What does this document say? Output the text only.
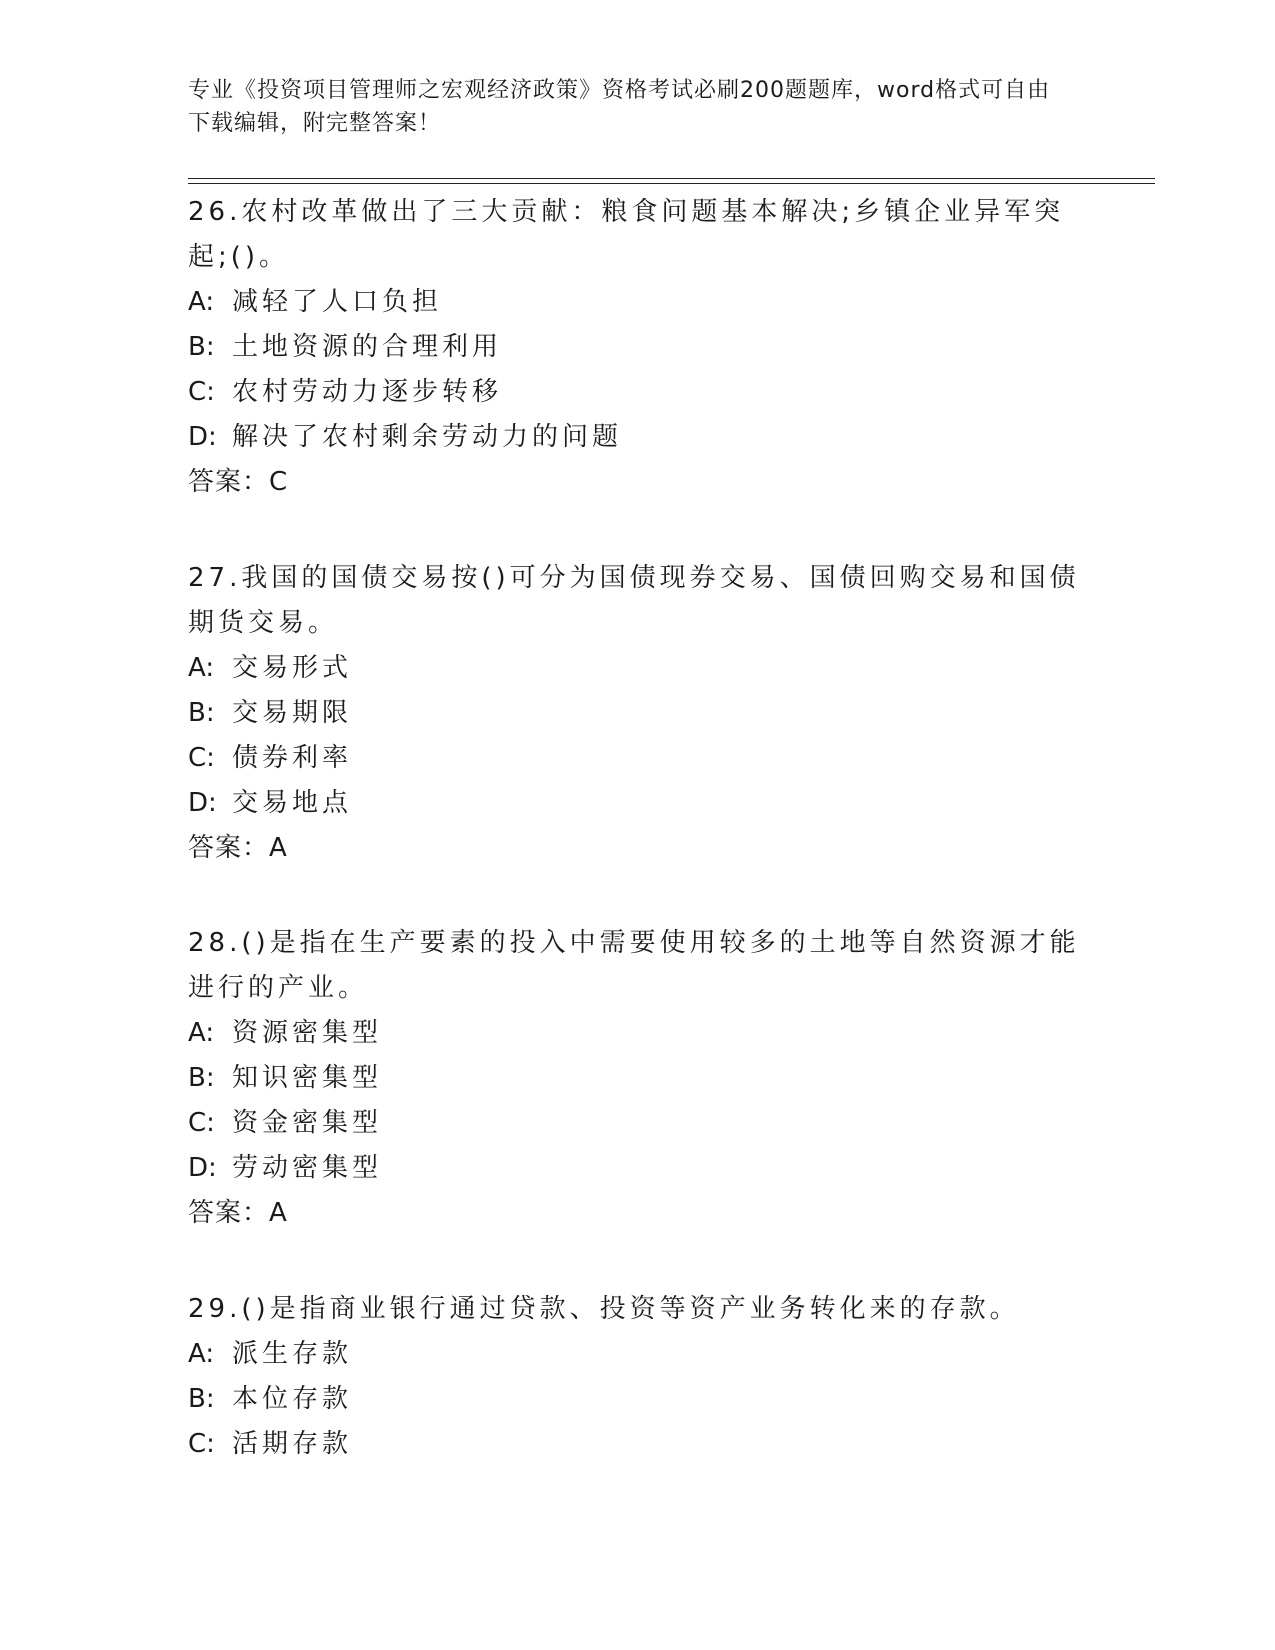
专业《投资项目管理师之宏观经济政策》资格考试必刷200题题库，word格式可自由下载编辑，附完整答案！

26.农村改革做出了三大贡献：粮食问题基本解决;乡镇企业异军突起;()。

A: 减轻了人口负担

B: 土地资源的合理利用

C: 农村劳动力逐步转移

D: 解决了农村剩余劳动力的问题

答案：C

27.我国的国债交易按()可分为国债现券交易、国债回购交易和国债期货交易。

A: 交易形式

B: 交易期限

C: 债券利率

D: 交易地点

答案：A

28.()是指在生产要素的投入中需要使用较多的土地等自然资源才能进行的产业。

A: 资源密集型

B: 知识密集型

C: 资金密集型

D: 劳动密集型

答案：A

29.()是指商业银行通过贷款、投资等资产业务转化来的存款。

A: 派生存款

B: 本位存款

C: 活期存款
